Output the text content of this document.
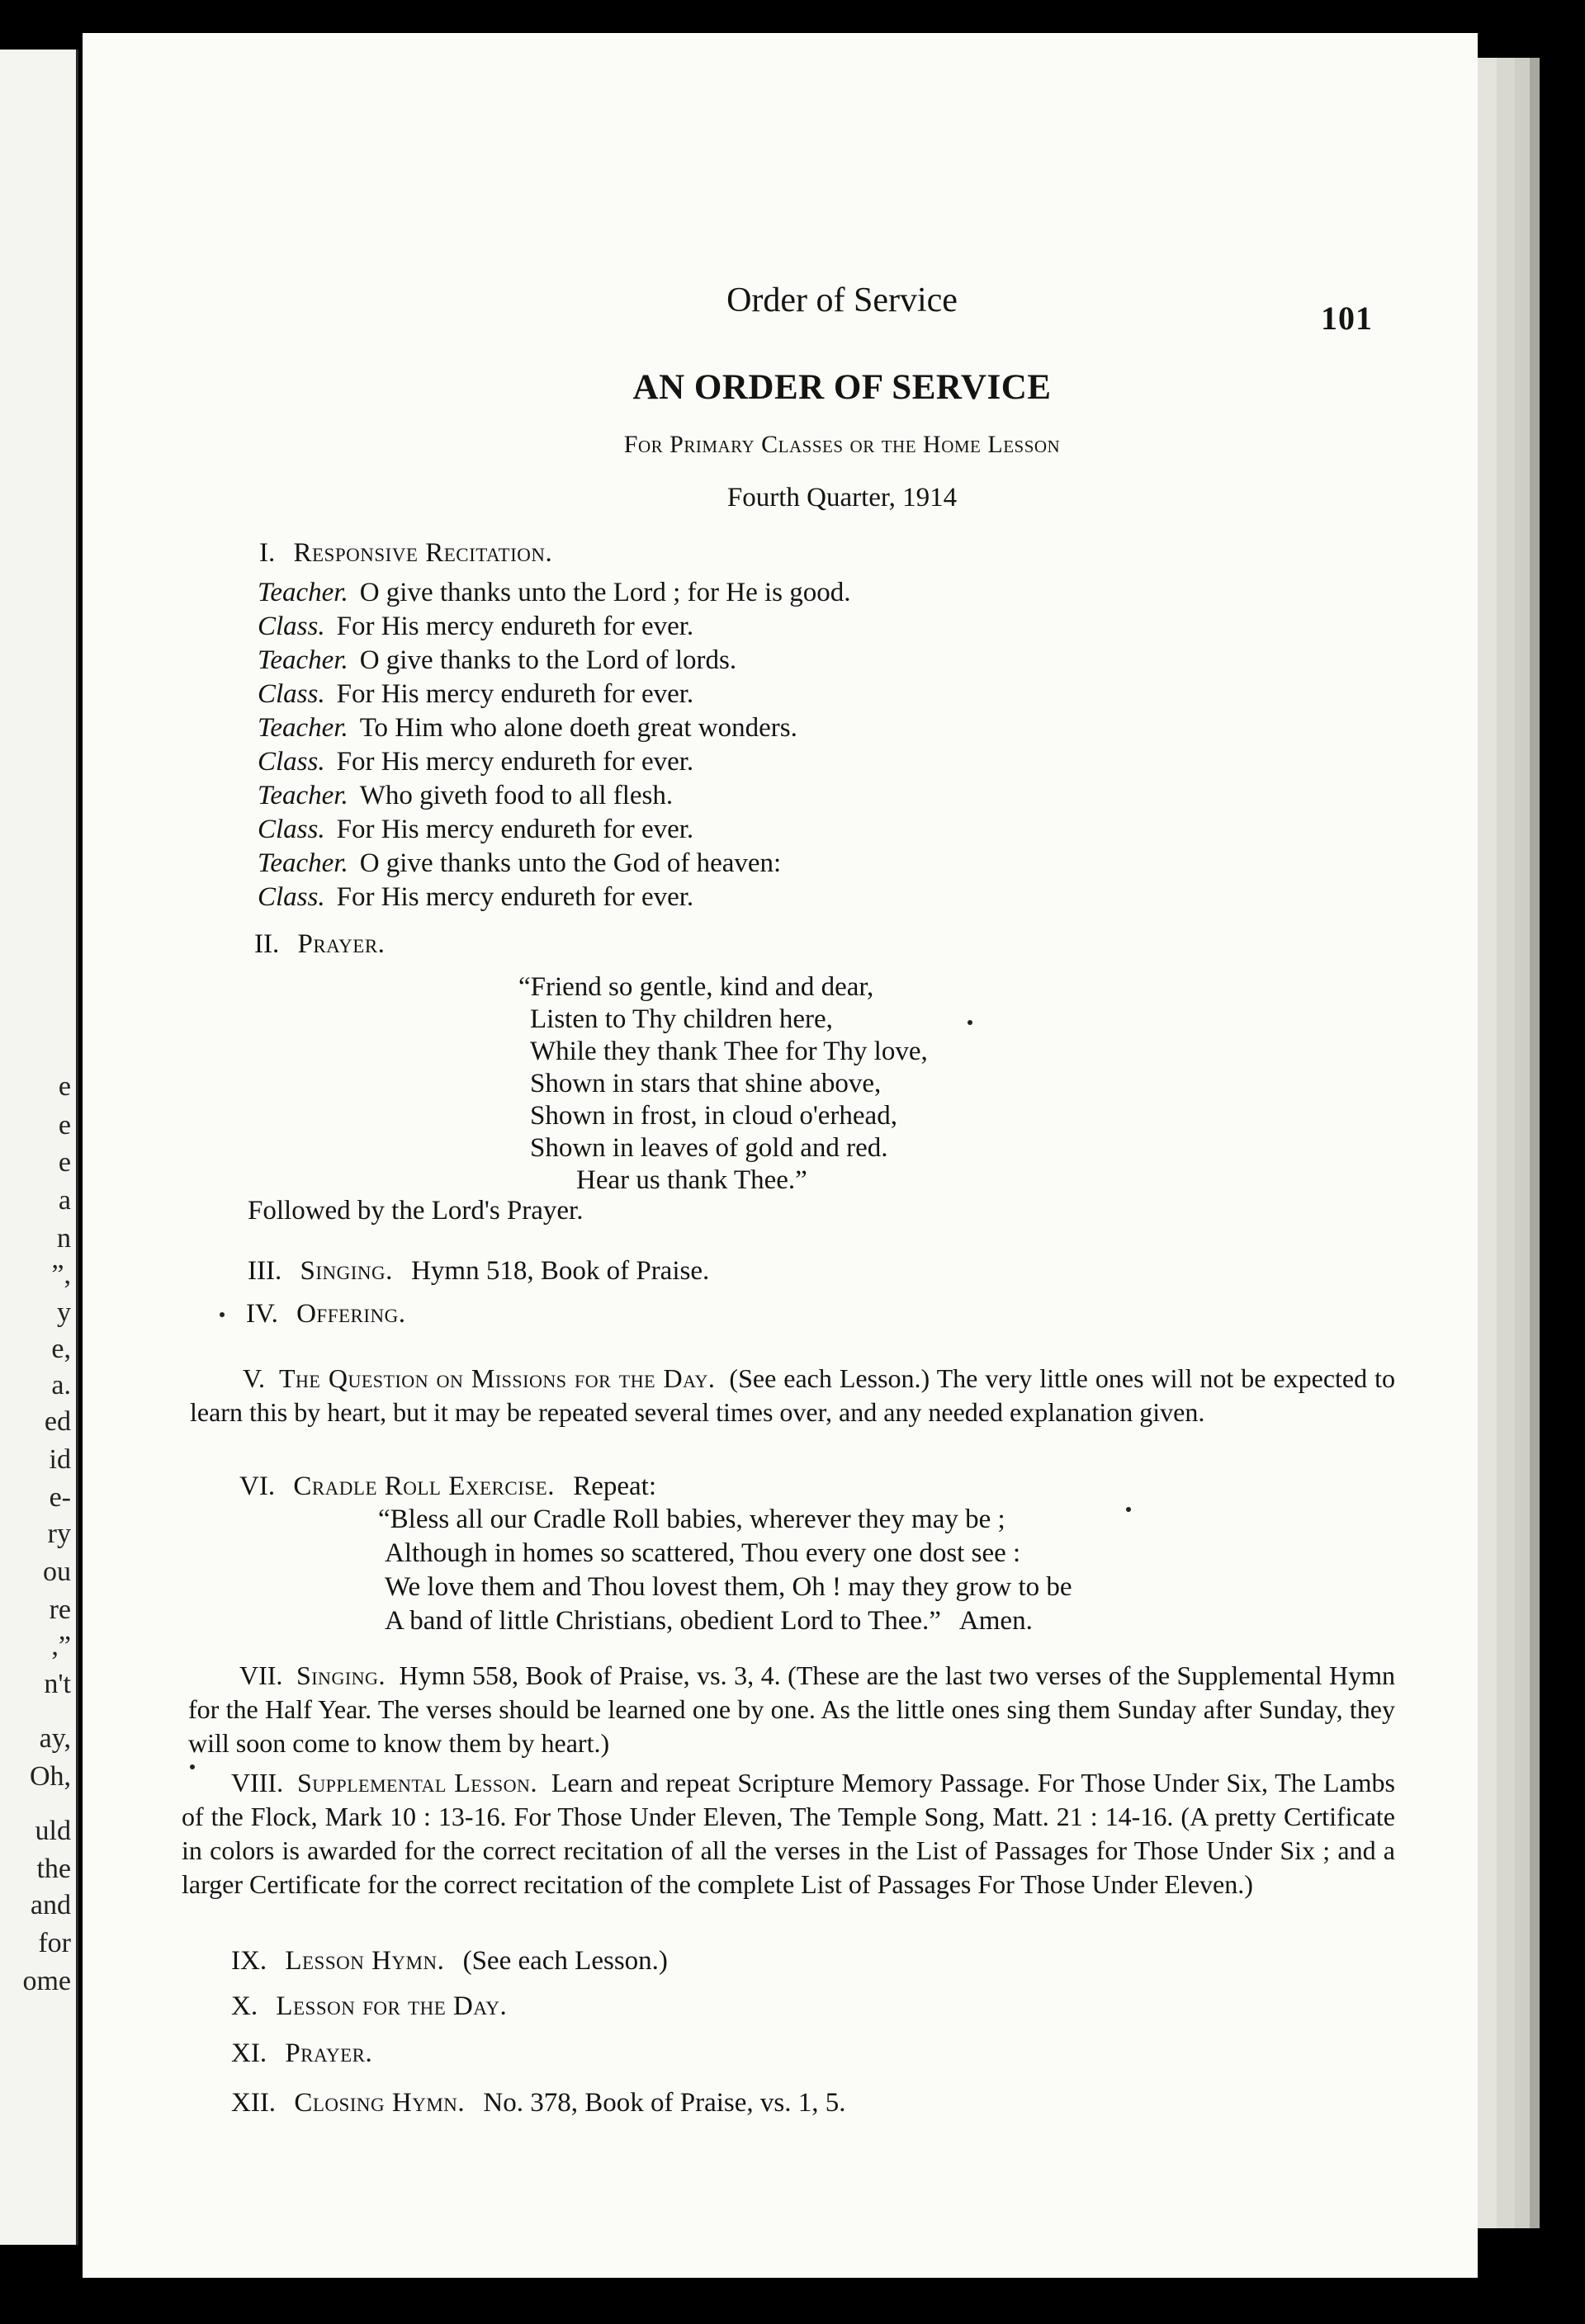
e
e
e
a
n
”,
y
e,
a.
ed
id
e-
ry
ou
re
,”
n't
ay,
Oh,
uld
the
and
for
ome
Order of Service	101
AN ORDER OF SERVICE
For Primary Classes or the Home Lesson
Fourth Quarter, 1914
I. Responsive Recitation.
Teacher. O give thanks unto the Lord ; for He is good.
Class. For His mercy endureth for ever.
Teacher. O give thanks to the Lord of lords.
Class. For His mercy endureth for ever.
Teacher. To Him who alone doeth great wonders.
Class. For His mercy endureth for ever.
Teacher. Who giveth food to all flesh.
Class. For His mercy endureth for ever.
Teacher. O give thanks unto the God of heaven:
Class. For His mercy endureth for ever.
II. Prayer.
“Friend so gentle, kind and dear,
Listen to Thy children here,
While they thank Thee for Thy love,
Shown in stars that shine above,
Shown in frost, in cloud o'erhead,
Shown in leaves of gold and red.
Hear us thank Thee.”
Followed by the Lord's Prayer.
III. Singing. Hymn 518, Book of Praise.
IV. Offering.
V. The Question on Missions for the Day. (See each Lesson.) The very little ones will not be expected to learn this by heart, but it may be repeated several times over, and any needed explanation given.
VI. Cradle Roll Exercise. Repeat:
“Bless all our Cradle Roll babies, wherever they may be ;
Although in homes so scattered, Thou every one dost see :
We love them and Thou lovest them, Oh ! may they grow to be
A band of little Christians, obedient Lord to Thee.” Amen.
VII. Singing. Hymn 558, Book of Praise, vs. 3, 4. (These are the last two verses of the Supplemental Hymn for the Half Year. The verses should be learned one by one. As the little ones sing them Sunday after Sunday, they will soon come to know them by heart.)
VIII. Supplemental Lesson. Learn and repeat Scripture Memory Passage. For Those Under Six, The Lambs of the Flock, Mark 10 : 13-16. For Those Under Eleven, The Temple Song, Matt. 21 : 14-16. (A pretty Certificate in colors is awarded for the correct recitation of all the verses in the List of Passages for Those Under Six ; and a larger Certificate for the correct recitation of the complete List of Passages For Those Under Eleven.)
IX. Lesson Hymn. (See each Lesson.)
X. Lesson for the Day.
XI. Prayer.
XII. Closing Hymn. No. 378, Book of Praise, vs. 1, 5.
